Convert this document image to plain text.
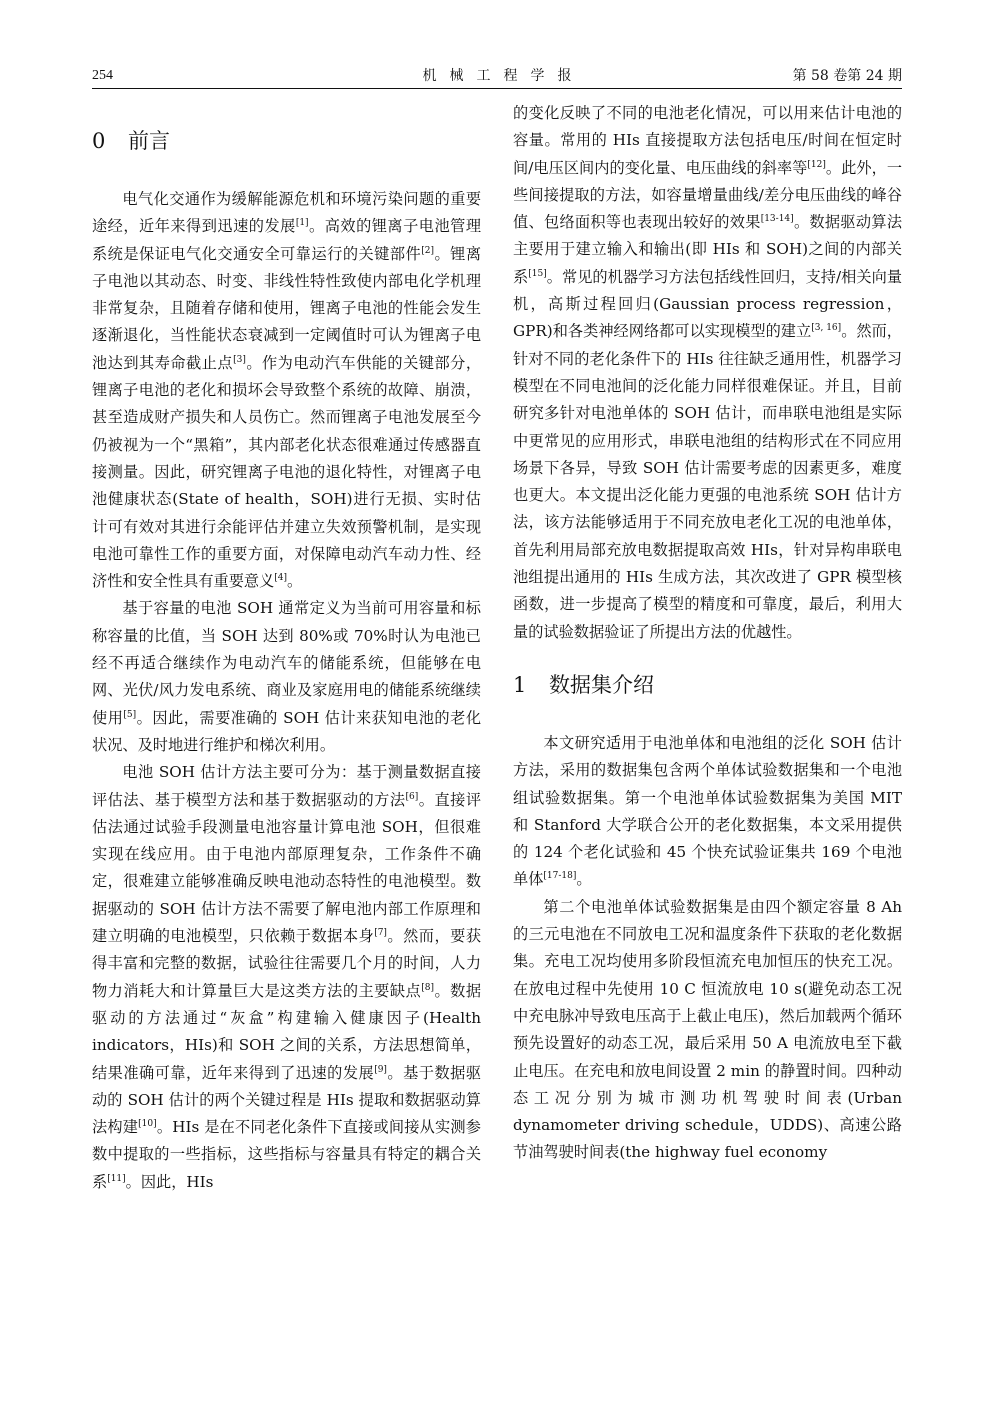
254	机械工程学报	第 58 卷第 24 期
0 前言

电气化交通作为缓解能源危机和环境污染问题的重要途经，近年来得到迅速的发展[1]。高效的锂离子电池管理系统是保证电气化交通安全可靠运行的关键部件[2]。锂离子电池以其动态、时变、非线性特性致使内部电化学机理非常复杂，且随着存储和使用，锂离子电池的性能会发生逐渐退化，当性能状态衰减到一定阈值时可认为锂离子电池达到其寿命截止点[3]。作为电动汽车供能的关键部分，锂离子电池的老化和损坏会导致整个系统的故障、崩溃，甚至造成财产损失和人员伤亡。然而锂离子电池发展至今仍被视为一个“黑箱”，其内部老化状态很难通过传感器直接测量。因此，研究锂离子电池的退化特性，对锂离子电池健康状态(State of health，SOH)进行无损、实时估计可有效对其进行余能评估并建立失效预警机制，是实现电池可靠性工作的重要方面，对保障电动汽车动力性、经济性和安全性具有重要意义[4]。

基于容量的电池 SOH 通常定义为当前可用容量和标称容量的比值，当 SOH 达到 80%或 70%时认为电池已经不再适合继续作为电动汽车的储能系统，但能够在电网、光伏/风力发电系统、商业及家庭用电的储能系统继续使用[5]。因此，需要准确的 SOH 估计来获知电池的老化状况、及时地进行维护和梯次利用。

电池 SOH 估计方法主要可分为：基于测量数据直接评估法、基于模型方法和基于数据驱动的方法[6]。直接评估法通过试验手段测量电池容量计算电池 SOH，但很难实现在线应用。由于电池内部原理复杂，工作条件不确定，很难建立能够准确反映电池动态特性的电池模型。数据驱动的 SOH 估计方法不需要了解电池内部工作原理和建立明确的电池模型，只依赖于数据本身[7]。然而，要获得丰富和完整的数据，试验往往需要几个月的时间，人力物力消耗大和计算量巨大是这类方法的主要缺点[8]。数据驱动的方法通过“灰盒”构建输入健康因子(Health indicators，HIs)和 SOH 之间的关系，方法思想简单，结果准确可靠，近年来得到了迅速的发展[9]。基于数据驱动的 SOH 估计的两个关键过程是 HIs 提取和数据驱动算法构建[10]。HIs 是在不同老化条件下直接或间接从实测参数中提取的一些指标，这些指标与容量具有特定的耦合关系[11]。因此，HIs

的变化反映了不同的电池老化情况，可以用来估计电池的容量。常用的 HIs 直接提取方法包括电压/时间在恒定时间/电压区间内的变化量、电压曲线的斜率等[12]。此外，一些间接提取的方法，如容量增量曲线/差分电压曲线的峰谷值、包络面积等也表现出较好的效果[13-14]。数据驱动算法主要用于建立输入和输出(即 HIs 和 SOH)之间的内部关系[15]。常见的机器学习方法包括线性回归，支持/相关向量机，高斯过程回归(Gaussian process regression，GPR)和各类神经网络都可以实现模型的建立[3, 16]。然而，针对不同的老化条件下的 HIs 往往缺乏通用性，机器学习模型在不同电池间的泛化能力同样很难保证。并且，目前研究多针对电池单体的 SOH 估计，而串联电池组是实际中更常见的应用形式，串联电池组的结构形式在不同应用场景下各异，导致 SOH 估计需要考虑的因素更多，难度也更大。本文提出泛化能力更强的电池系统 SOH 估计方法，该方法能够适用于不同充放电老化工况的电池单体，首先利用局部充放电数据提取高效 HIs，针对异构串联电池组提出通用的 HIs 生成方法，其次改进了 GPR 模型核函数，进一步提高了模型的精度和可靠度，最后，利用大量的试验数据验证了所提出方法的优越性。

1 数据集介绍

本文研究适用于电池单体和电池组的泛化 SOH 估计方法，采用的数据集包含两个单体试验数据集和一个电池组试验数据集。第一个电池单体试验数据集为美国 MIT 和 Stanford 大学联合公开的老化数据集，本文采用提供的 124 个老化试验和 45 个快充试验证集共 169 个电池单体[17-18]。

第二个电池单体试验数据集是由四个额定容量 8 Ah 的三元电池在不同放电工况和温度条件下获取的老化数据集。充电工况均使用多阶段恒流充电加恒压的快充工况。在放电过程中先使用 10 C 恒流放电 10 s(避免动态工况中充电脉冲导致电压高于上截止电压)，然后加载两个循环预先设置好的动态工况，最后采用 50 A 电流放电至下截止电压。在充电和放电间设置 2 min 的静置时间。四种动态工况分别为城市测功机驾驶时间表(Urban dynamometer driving schedule，UDDS)、高速公路节油驾驶时间表(the highway fuel economy
